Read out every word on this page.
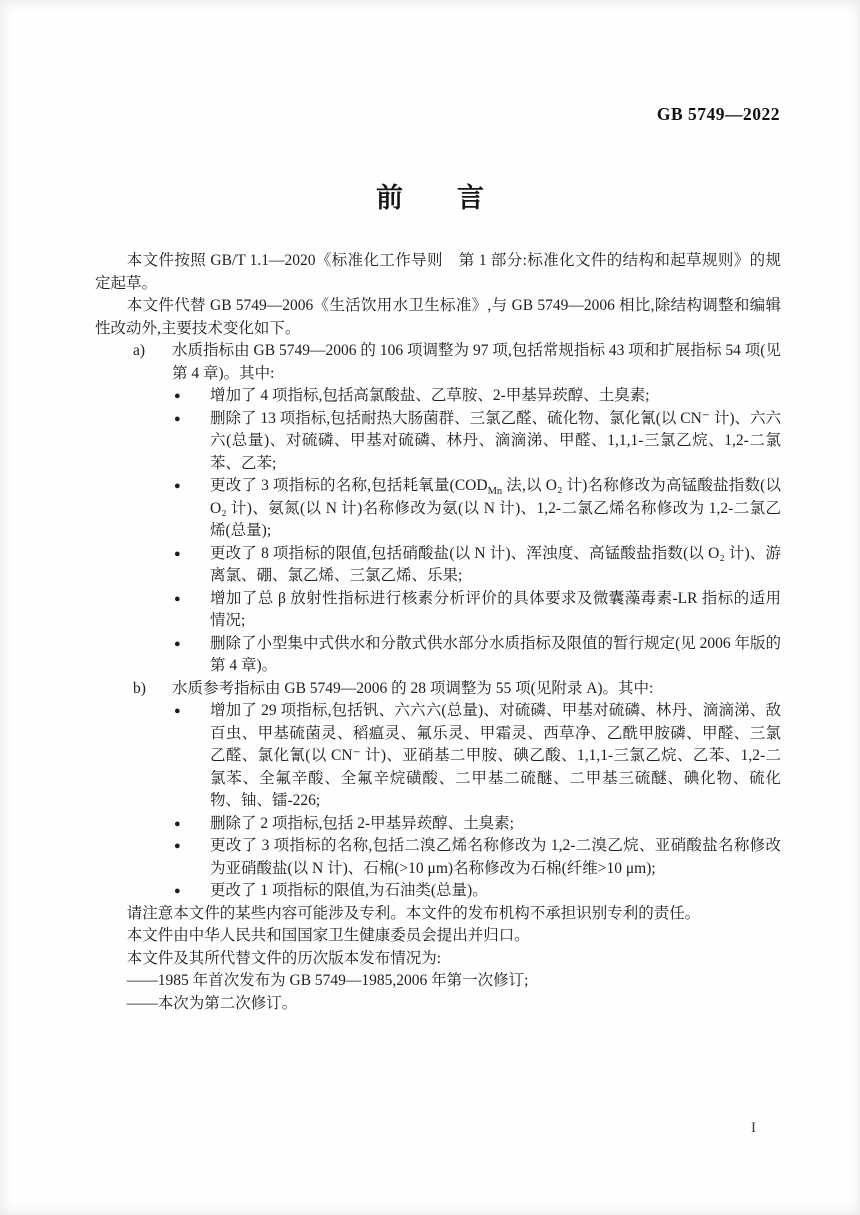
GB 5749—2022
前　　言

本文件按照 GB/T 1.1—2020《标准化工作导则　第 1 部分:标准化文件的结构和起草规则》的规定起草。

本文件代替 GB 5749—2006《生活饮用水卫生标准》,与 GB 5749—2006 相比,除结构调整和编辑性改动外,主要技术变化如下。

a) 水质指标由 GB 5749—2006 的 106 项调整为 97 项,包括常规指标 43 项和扩展指标 54 项(见第 4 章)。其中:
● 增加了 4 项指标,包括高氯酸盐、乙草胺、2-甲基异莰醇、土臭素;
● 删除了 13 项指标,包括耐热大肠菌群、三氯乙醛、硫化物、氯化氰(以 CN⁻ 计)、六六六(总量)、对硫磷、甲基对硫磷、林丹、滴滴涕、甲醛、1,1,1-三氯乙烷、1,2-二氯苯、乙苯;
● 更改了 3 项指标的名称,包括耗氧量($COD_{Mn}$ 法,以 O₂ 计)名称修改为高锰酸盐指数(以 O₂ 计)、氨氮(以 N 计)名称修改为氨(以 N 计)、1,2-二氯乙烯名称修改为 1,2-二氯乙烯(总量);
● 更改了 8 项指标的限值,包括硝酸盐(以 N 计)、浑浊度、高锰酸盐指数(以 O₂ 计)、游离氯、硼、氯乙烯、三氯乙烯、乐果;
● 增加了总 β 放射性指标进行核素分析评价的具体要求及微囊藻毒素-LR 指标的适用情况;
● 删除了小型集中式供水和分散式供水部分水质指标及限值的暂行规定(见 2006 年版的第 4 章)。
b) 水质参考指标由 GB 5749—2006 的 28 项调整为 55 项(见附录 A)。其中:
● 增加了 29 项指标,包括钒、六六六(总量)、对硫磷、甲基对硫磷、林丹、滴滴涕、敌百虫、甲基硫菌灵、稻瘟灵、氟乐灵、甲霜灵、西草净、乙酰甲胺磷、甲醛、三氯乙醛、氯化氰(以 CN⁻ 计)、亚硝基二甲胺、碘乙酸、1,1,1-三氯乙烷、乙苯、1,2-二氯苯、全氟辛酸、全氟辛烷磺酸、二甲基二硫醚、二甲基三硫醚、碘化物、硫化物、铀、镭-226;
● 删除了 2 项指标,包括 2-甲基异莰醇、土臭素;
● 更改了 3 项指标的名称,包括二溴乙烯名称修改为 1,2-二溴乙烷、亚硝酸盐名称修改为亚硝酸盐(以 N 计)、石棉(>10 μm)名称修改为石棉(纤维>10 μm);
● 更改了 1 项指标的限值,为石油类(总量)。

请注意本文件的某些内容可能涉及专利。本文件的发布机构不承担识别专利的责任。

本文件由中华人民共和国国家卫生健康委员会提出并归口。

本文件及其所代替文件的历次版本发布情况为:

——1985 年首次发布为 GB 5749—1985,2006 年第一次修订;

——本次为第二次修订。

I
